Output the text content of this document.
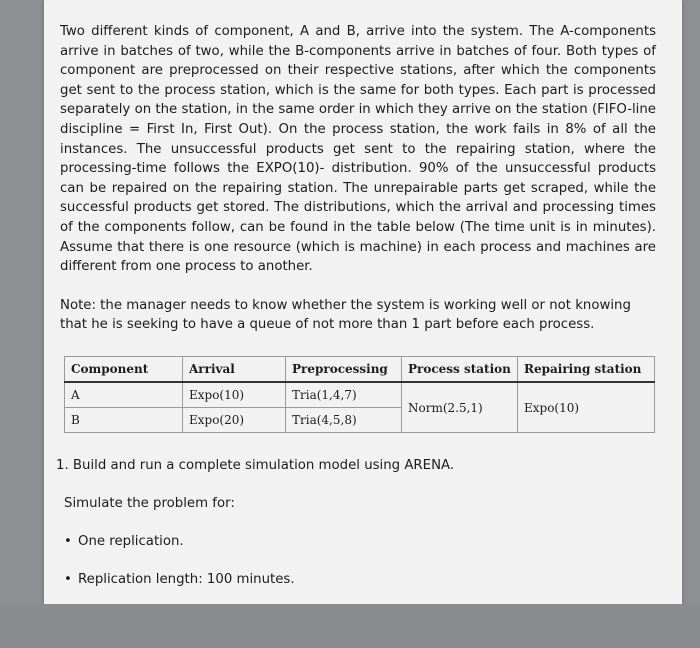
Two different kinds of component, A and B, arrive into the system. The A-components arrive in batches of two, while the B-components arrive in batches of four. Both types of component are preprocessed on their respective stations, after which the components get sent to the process station, which is the same for both types. Each part is processed separately on the station, in the same order in which they arrive on the station (FIFO-line discipline = First In, First Out). On the process station, the work fails in 8% of all the instances. The unsuccessful products get sent to the repairing station, where the processing-time follows the EXPO(10)- distribution. 90% of the unsuccessful products can be repaired on the repairing station. The unrepairable parts get scraped, while the successful products get stored. The distributions, which the arrival and processing times of the components follow, can be found in the table below (The time unit is in minutes). Assume that there is one resource (which is machine) in each process and machines are different from one process to another.

Note: the manager needs to know whether the system is working well or not knowing that he is seeking to have a queue of not more than 1 part before each process.

Component	Arrival	Preprocessing	Process station	Repairing station
A	Expo(10)	Tria(1,4,7)	Norm(2.5,1)	Expo(10)
B	Expo(20)	Tria(4,5,8)		

1. Build and run a complete simulation model using ARENA.

Simulate the problem for:

• One replication.

• Replication length: 100 minutes.
